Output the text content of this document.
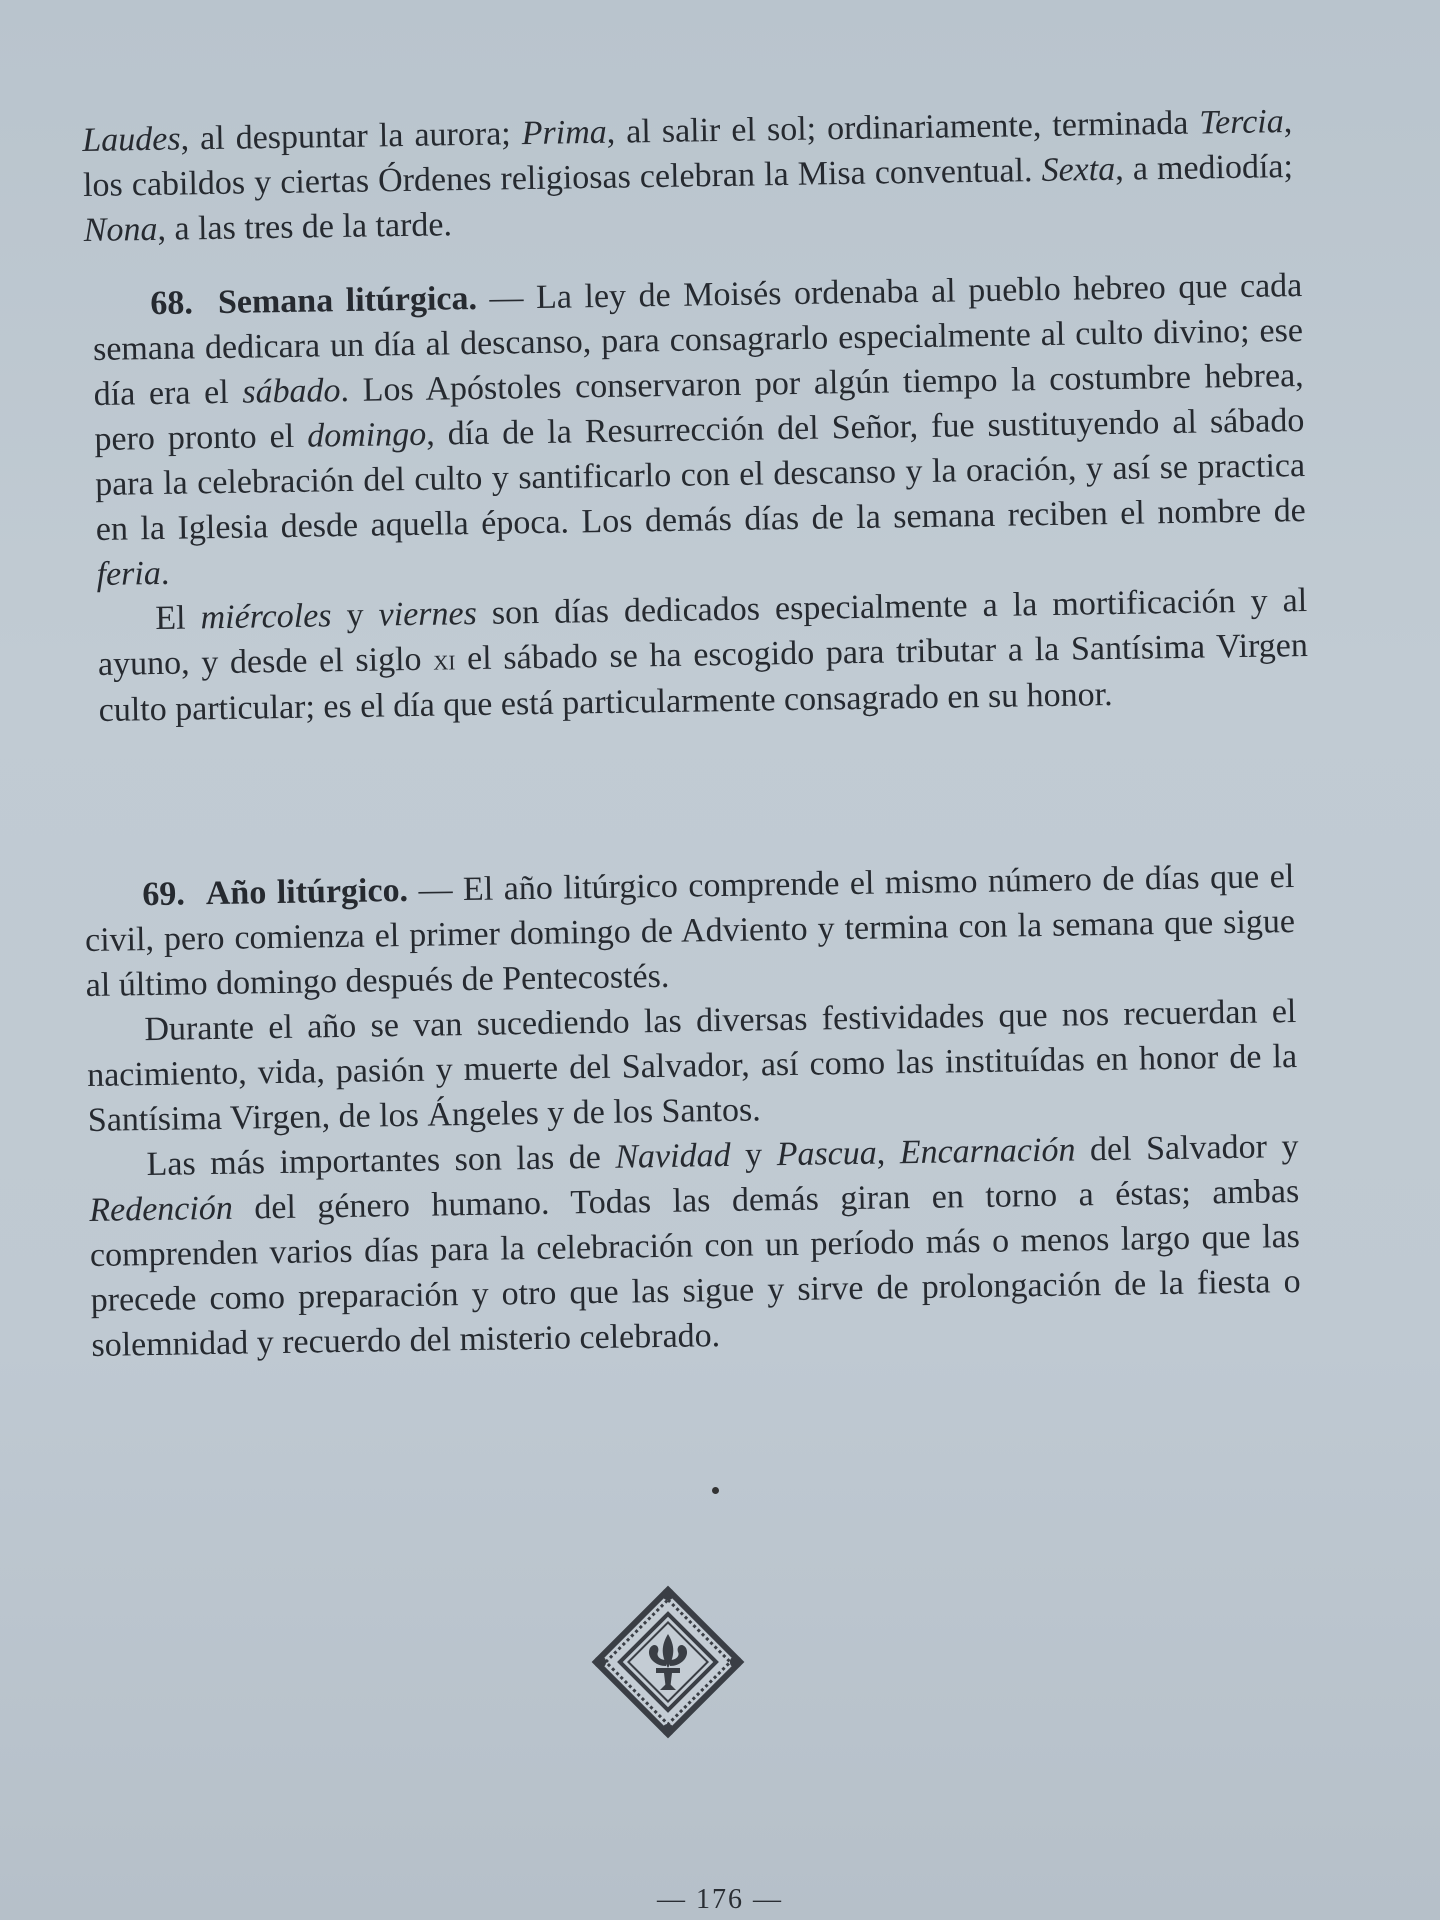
Laudes, al despuntar la aurora; Prima, al salir el sol; ordinariamente, terminada Tercia, los cabildos y ciertas Órdenes religiosas celebran la Misa conventual. Sexta, a mediodía; Nona, a las tres de la tarde.

68. Semana litúrgica. — La ley de Moisés ordenaba al pueblo hebreo que cada semana dedicara un día al descanso, para consagrarlo especialmente al culto divino; ese día era el sábado. Los Apóstoles conservaron por algún tiempo la costumbre hebrea, pero pronto el domingo, día de la Resurrección del Señor, fue sustituyendo al sábado para la celebración del culto y santificarlo con el descanso y la oración, y así se practica en la Iglesia desde aquella época. Los demás días de la semana reciben el nombre de feria.

El miércoles y viernes son días dedicados especialmente a la mortificación y al ayuno, y desde el siglo xi el sábado se ha escogido para tributar a la Santísima Virgen culto particular; es el día que está particularmente consagrado en su honor.

69. Año litúrgico. — El año litúrgico comprende el mismo número de días que el civil, pero comienza el primer domingo de Adviento y termina con la semana que sigue al último domingo después de Pentecostés.

Durante el año se van sucediendo las diversas festividades que nos recuerdan el nacimiento, vida, pasión y muerte del Salvador, así como las instituídas en honor de la Santísima Virgen, de los Ángeles y de los Santos.

Las más importantes son las de Navidad y Pascua, Encarnación del Salvador y Redención del género humano. Todas las demás giran en torno a éstas; ambas comprenden varios días para la celebración con un período más o menos largo que las precede como preparación y otro que las sigue y sirve de prolongación de la fiesta o solemnidad y recuerdo del misterio celebrado.

— 176 —
